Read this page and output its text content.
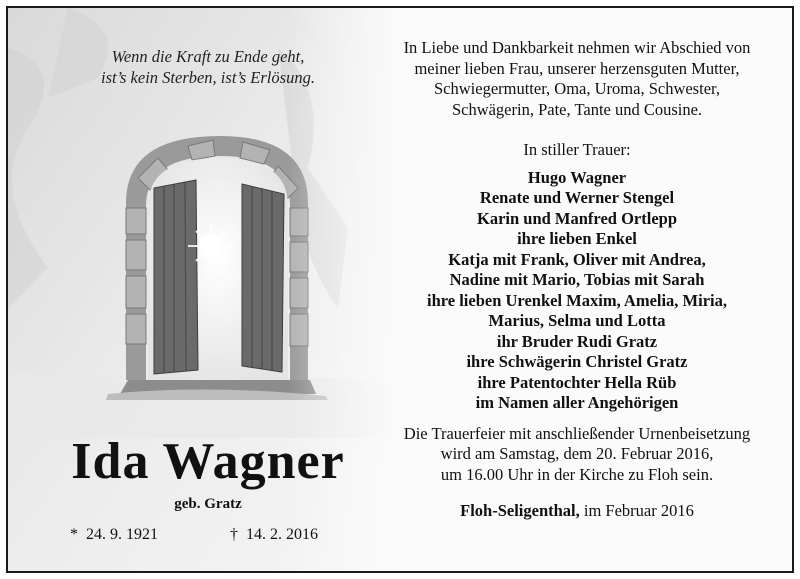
Wenn die Kraft zu Ende geht,
ist’s kein Sterben, ist’s Erlösung.
Ida Wagner
geb. Gratz
* 24. 9. 1921	† 14. 2. 2016
In Liebe und Dankbarkeit nehmen wir Abschied von
meiner lieben Frau, unserer herzensguten Mutter,
Schwiegermutter, Oma, Uroma, Schwester,
Schwägerin, Pate, Tante und Cousine.
In stiller Trauer:
Hugo Wagner
Renate und Werner Stengel
Karin und Manfred Ortlepp
ihre lieben Enkel
Katja mit Frank, Oliver mit Andrea,
Nadine mit Mario, Tobias mit Sarah
ihre lieben Urenkel Maxim, Amelia, Miria,
Marius, Selma und Lotta
ihr Bruder Rudi Gratz
ihre Schwägerin Christel Gratz
ihre Patentochter Hella Rüb
im Namen aller Angehörigen
Die Trauerfeier mit anschließender Urnenbeisetzung
wird am Samstag, dem 20. Februar 2016,
um 16.00 Uhr in der Kirche zu Floh sein.
Floh-Seligenthal, im Februar 2016
